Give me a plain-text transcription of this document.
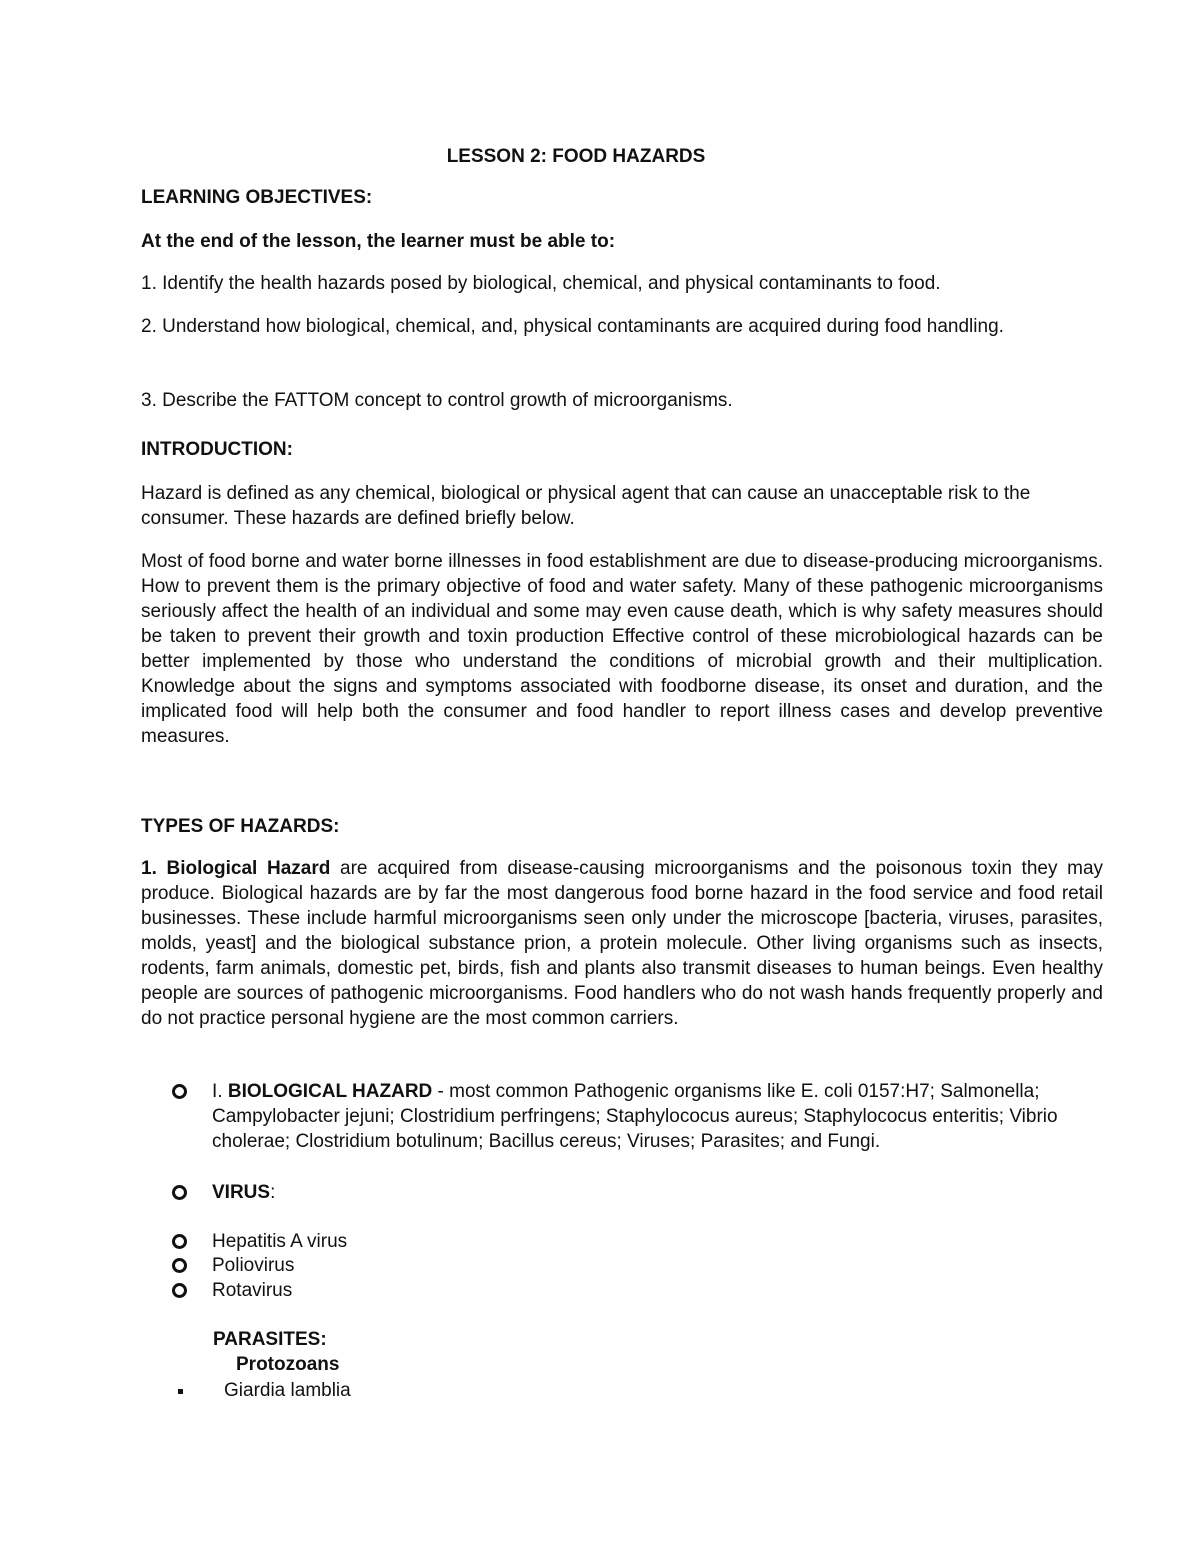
LESSON 2: FOOD HAZARDS

LEARNING OBJECTIVES:

At the end of the lesson, the learner must be able to:

1. Identify the health hazards posed by biological, chemical, and physical contaminants to food.

2. Understand how biological, chemical, and, physical contaminants are acquired during food handling.

3. Describe the FATTOM concept to control growth of microorganisms.

INTRODUCTION:

Hazard is defined as any chemical, biological or physical agent that can cause an unacceptable risk to the consumer. These hazards are defined briefly below.

Most of food borne and water borne illnesses in food establishment are due to disease-producing microorganisms. How to prevent them is the primary objective of food and water safety. Many of these pathogenic microorganisms seriously affect the health of an individual and some may even cause death, which is why safety measures should be taken to prevent their growth and toxin production Effective control of these microbiological hazards can be better implemented by those who understand the conditions of microbial growth and their multiplication. Knowledge about the signs and symptoms associated with foodborne disease, its onset and duration, and the implicated food will help both the consumer and food handler to report illness cases and develop preventive measures.

TYPES OF HAZARDS:

1. Biological Hazard are acquired from disease-causing microorganisms and the poisonous toxin they may produce. Biological hazards are by far the most dangerous food borne hazard in the food service and food retail businesses. These include harmful microorganisms seen only under the microscope [bacteria, viruses, parasites, molds, yeast] and the biological substance prion, a protein molecule. Other living organisms such as insects, rodents, farm animals, domestic pet, birds, fish and plants also transmit diseases to human beings. Even healthy people are sources of pathogenic microorganisms. Food handlers who do not wash hands frequently properly and do not practice personal hygiene are the most common carriers.

I. BIOLOGICAL HAZARD - most common Pathogenic organisms like E. coli 0157:H7; Salmonella; Campylobacter jejuni; Clostridium perfringens; Staphylococus aureus; Staphylococus enteritis; Vibrio cholerae; Clostridium botulinum; Bacillus cereus; Viruses; Parasites; and Fungi.

VIRUS:

Hepatitis A virus

Poliovirus

Rotavirus

PARASITES:

Protozoans

Giardia lamblia
